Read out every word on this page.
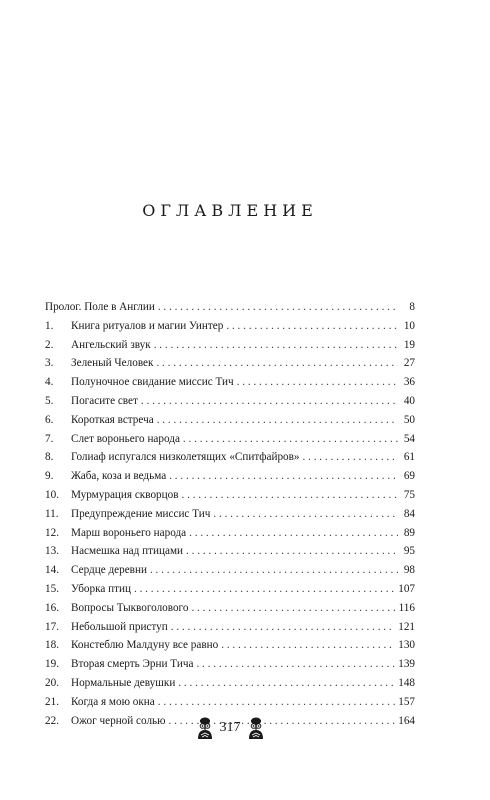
ОГЛАВЛЕНИЕ
Пролог. Поле в Англии . . .	8
1.	Книга ритуалов и магии Уинтер . . .	10
2.	Ангельский звук . . .	19
3.	Зеленый Человек . . .	27
4.	Полуночное свидание миссис Тич . . .	36
5.	Погасите свет . . .	40
6.	Короткая встреча . . .	50
7.	Слет вороньего народа . . .	54
8.	Голиаф испугался низколетящих «Спитфайров» . . .	61
9.	Жаба, коза и ведьма . . .	69
10.	Мурмурация скворцов . . .	75
11.	Предупреждение миссис Тич . . .	84
12.	Марш вороньего народа . . .	89
13.	Насмешка над птицами . . .	95
14.	Сердце деревни . . .	98
15.	Уборка птиц . . .	107
16.	Вопросы Тыквоголового . . .	116
17.	Небольшой приступ . . .	121
18.	Констеблю Малдуну все равно . . .	130
19.	Вторая смерть Эрни Тича . . .	139
20.	Нормальные девушки . . .	148
21.	Когда я мою окна . . .	157
22.	Ожог черной солью . . .	164
317
